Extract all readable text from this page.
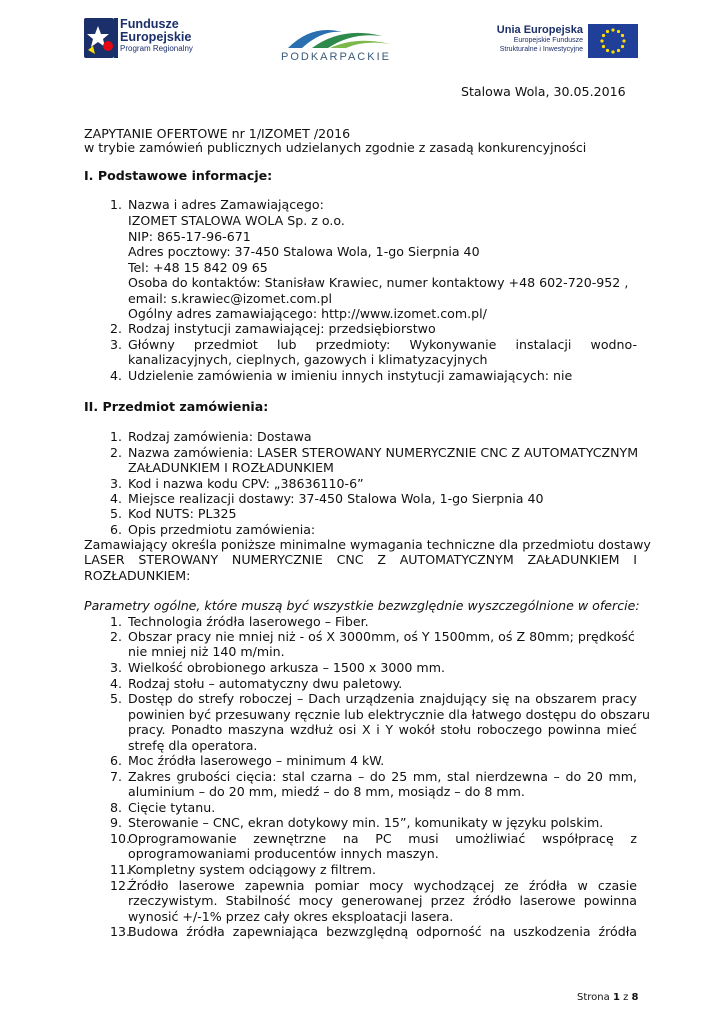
Fundusze
Europejskie
Program Regionalny
PODKARPACKIE
Unia Europejska
Europejskie Fundusze
Strukturalne i Inwestycyjne
Stalowa Wola, 30.05.2016
ZAPYTANIE OFERTOWE nr 1/IZOMET /2016
w trybie zamówień publicznych udzielanych zgodnie z zasadą konkurencyjności
I. Podstawowe informacje:
1. Nazwa i adres Zamawiającego:
IZOMET STALOWA WOLA Sp. z o.o.
NIP: 865-17-96-671
Adres pocztowy: 37-450 Stalowa Wola, 1-go Sierpnia 40
Tel: +48 15 842 09 65
Osoba do kontaktów: Stanisław Krawiec, numer kontaktowy +48 602-720-952 ,
email: s.krawiec@izomet.com.pl
Ogólny adres zamawiającego: http://www.izomet.com.pl/
2. Rodzaj instytucji zamawiającej: przedsiębiorstwo
3. Główny przedmiot lub przedmioty: Wykonywanie instalacji wodno-
kanalizacyjnych, cieplnych, gazowych i klimatyzacyjnych
4. Udzielenie zamówienia w imieniu innych instytucji zamawiających: nie
II. Przedmiot zamówienia:
1. Rodzaj zamówienia: Dostawa
2. Nazwa zamówienia: LASER STEROWANY NUMERYCZNIE CNC Z AUTOMATYCZNYM
ZAŁADUNKIEM I ROZŁADUNKIEM
3. Kod i nazwa kodu CPV: „38636110-6”
4. Miejsce realizacji dostawy: 37-450 Stalowa Wola, 1-go Sierpnia 40
5. Kod NUTS: PL325
6. Opis przedmiotu zamówienia:
Zamawiający określa poniższe minimalne wymagania techniczne dla przedmiotu dostawy
LASER STEROWANY NUMERYCZNIE CNC Z AUTOMATYCZNYM ZAŁADUNKIEM I
ROZŁADUNKIEM:
Parametry ogólne, które muszą być wszystkie bezwzględnie wyszczególnione w ofercie:
1. Technologia źródła laserowego – Fiber.
2. Obszar pracy nie mniej niż - oś X 3000mm, oś Y 1500mm, oś Z 80mm; prędkość
nie mniej niż 140 m/min.
3. Wielkość obrobionego arkusza – 1500 x 3000 mm.
4. Rodzaj stołu – automatyczny dwu paletowy.
5. Dostęp do strefy roboczej – Dach urządzenia znajdujący się na obszarem pracy
powinien być przesuwany ręcznie lub elektrycznie dla łatwego dostępu do obszaru
pracy. Ponadto maszyna wzdłuż osi X i Y wokół stołu roboczego powinna mieć
strefę dla operatora.
6. Moc źródła laserowego – minimum 4 kW.
7. Zakres grubości cięcia: stal czarna – do 25 mm, stal nierdzewna – do 20 mm,
aluminium – do 20 mm, miedź – do 8 mm, mosiądz – do 8 mm.
8. Cięcie tytanu.
9. Sterowanie – CNC, ekran dotykowy min. 15”, komunikaty w języku polskim.
10.
Oprogramowanie zewnętrzne na PC musi umożliwiać współpracę z
oprogramowaniami producentów innych maszyn.
11.
Kompletny system odciągowy z filtrem.
12.
Źródło laserowe zapewnia pomiar mocy wychodzącej ze źródła w czasie
rzeczywistym. Stabilność mocy generowanej przez źródło laserowe powinna
wynosić +/-1% przez cały okres eksploatacji lasera.
13.
Budowa źródła zapewniająca bezwzględną odporność na uszkodzenia źródła
Strona 1 z 8
